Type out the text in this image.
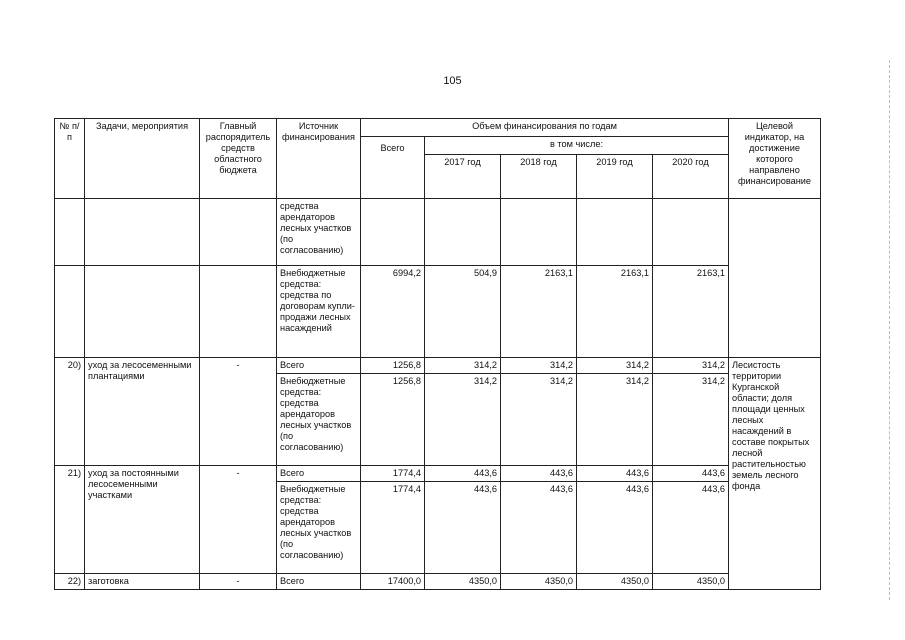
105
№ п/п	Задачи, мероприятия	Главный распорядитель средств областного бюджета	Источник финансирования	Объем финансирования по годам					Целевой индикатор, на достижение которого направлено финансирование
				Всего	в том числе:				
					2017 год	2018 год	2019 год	2020 год	
			средства арендаторов лесных участков (по согласованию)						
			Внебюджетные средства: средства по договорам купли-продажи лесных насаждений	6994,2	504,9	2163,1	2163,1	2163,1	
20)	уход за лесосеменными плантациями	-	Всего	1256,8	314,2	314,2	314,2	314,2	Лесистость территории Курганской области; доля площади ценных лесных насаждений в составе покрытых лесной растительностью земель лесного фонда
			Внебюджетные средства: средства арендаторов лесных участков (по согласованию)	1256,8	314,2	314,2	314,2	314,2	
21)	уход за постоянными лесосеменными участками	-	Всего	1774,4	443,6	443,6	443,6	443,6	
			Внебюджетные средства: средства арендаторов лесных участков (по согласованию)	1774,4	443,6	443,6	443,6	443,6	
22)	заготовка	-	Всего	17400,0	4350,0	4350,0	4350,0	4350,0	
